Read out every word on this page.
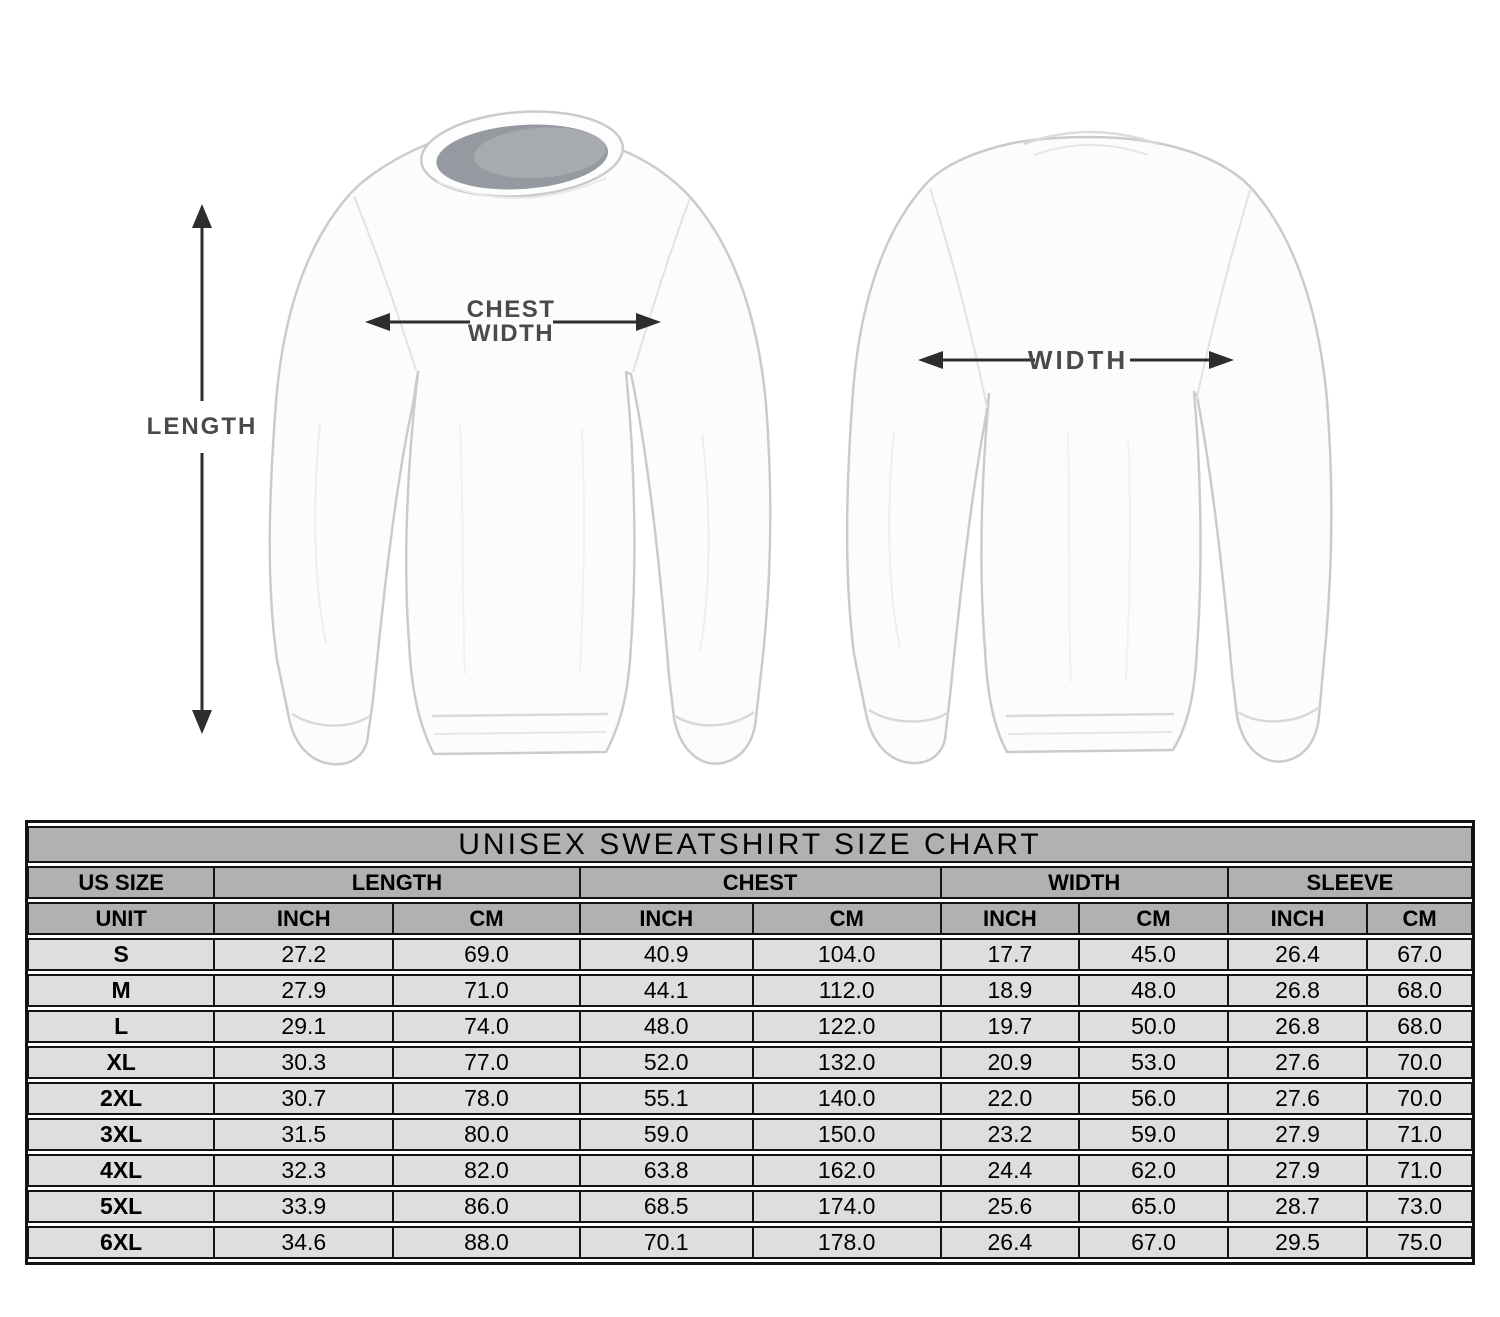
LENGTH
CHEST
WIDTH
WIDTH
UNISEX SWEATSHIRT SIZE CHART								
US SIZE	LENGTH		CHEST		WIDTH		SLEEVE	
UNIT	INCH	CM	INCH	CM	INCH	CM	INCH	CM
S	27.2	69.0	40.9	104.0	17.7	45.0	26.4	67.0
M	27.9	71.0	44.1	112.0	18.9	48.0	26.8	68.0
L	29.1	74.0	48.0	122.0	19.7	50.0	26.8	68.0
XL	30.3	77.0	52.0	132.0	20.9	53.0	27.6	70.0
2XL	30.7	78.0	55.1	140.0	22.0	56.0	27.6	70.0
3XL	31.5	80.0	59.0	150.0	23.2	59.0	27.9	71.0
4XL	32.3	82.0	63.8	162.0	24.4	62.0	27.9	71.0
5XL	33.9	86.0	68.5	174.0	25.6	65.0	28.7	73.0
6XL	34.6	88.0	70.1	178.0	26.4	67.0	29.5	75.0
